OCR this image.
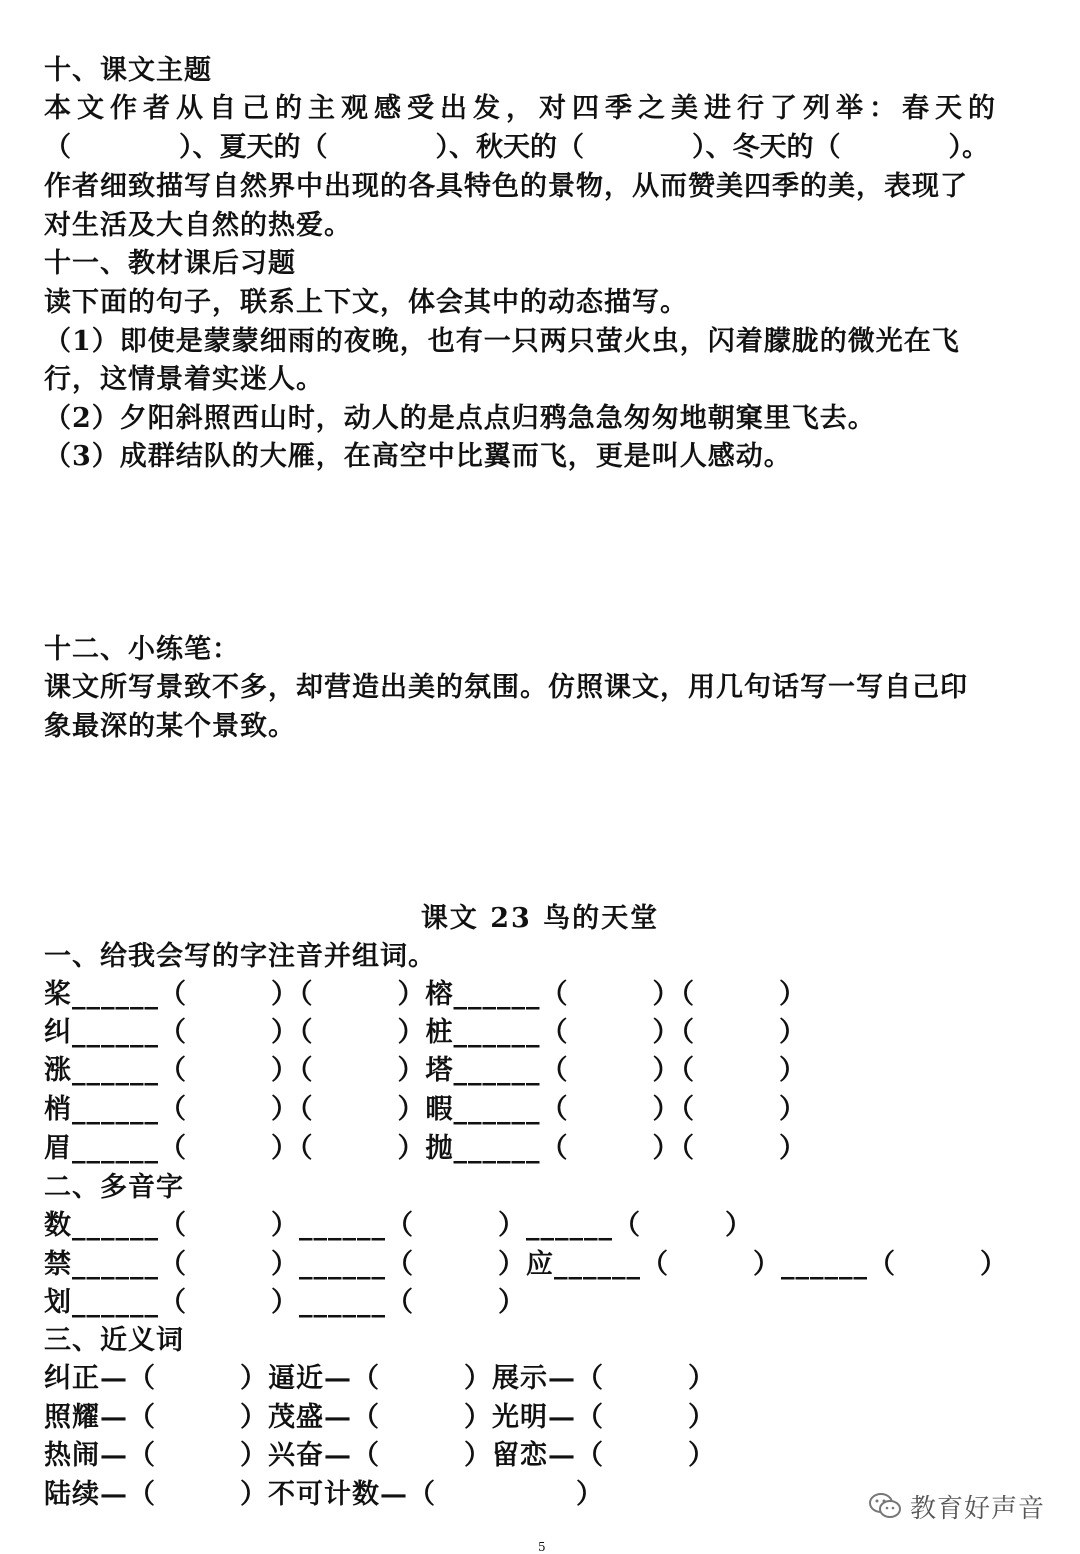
十、课文主题
本文作者从自己的主观感受出发，对四季之美进行了列举：春天的
（　　　　）、夏天的（　　　　）、秋天的（　　　　）、冬天的（　　　　）。
作者细致描写自然界中出现的各具特色的景物，从而赞美四季的美，表现了
对生活及大自然的热爱。
十一、教材课后习题
读下面的句子，联系上下文，体会其中的动态描写。
（1）即使是蒙蒙细雨的夜晚，也有一只两只萤火虫，闪着朦胧的微光在飞
行，这情景着实迷人。
（2）夕阳斜照西山时，动人的是点点归鸦急急匆匆地朝窠里飞去。
（3）成群结队的大雁，在高空中比翼而飞，更是叫人感动。
十二、小练笔：
课文所写景致不多，却营造出美的氛围。仿照课文，用几句话写一写自己印
象最深的某个景致。
课文 23 鸟的天堂
一、给我会写的字注音并组词。
桨______（　　　）（　　　）榕______（　　　）（　　　）
纠______（　　　）（　　　）桩______（　　　）（　　　）
涨______（　　　）（　　　）塔______（　　　）（　　　）
梢______（　　　）（　　　）暇______（　　　）（　　　）
眉______（　　　）（　　　）抛______（　　　）（　　　）
二、多音字
数______（　　　）______（　　　）______（　　　）
禁______（　　　）______（　　　）应______（　　　）______（　　　）
划______（　　　）______（　　　）
三、近义词
纠正—（　　　）逼近—（　　　）展示—（　　　）
照耀—（　　　）茂盛—（　　　）光明—（　　　）
热闹—（　　　）兴奋—（　　　）留恋—（　　　）
陆续—（　　　）不可计数—（　　　　　）	教育好声音
5
